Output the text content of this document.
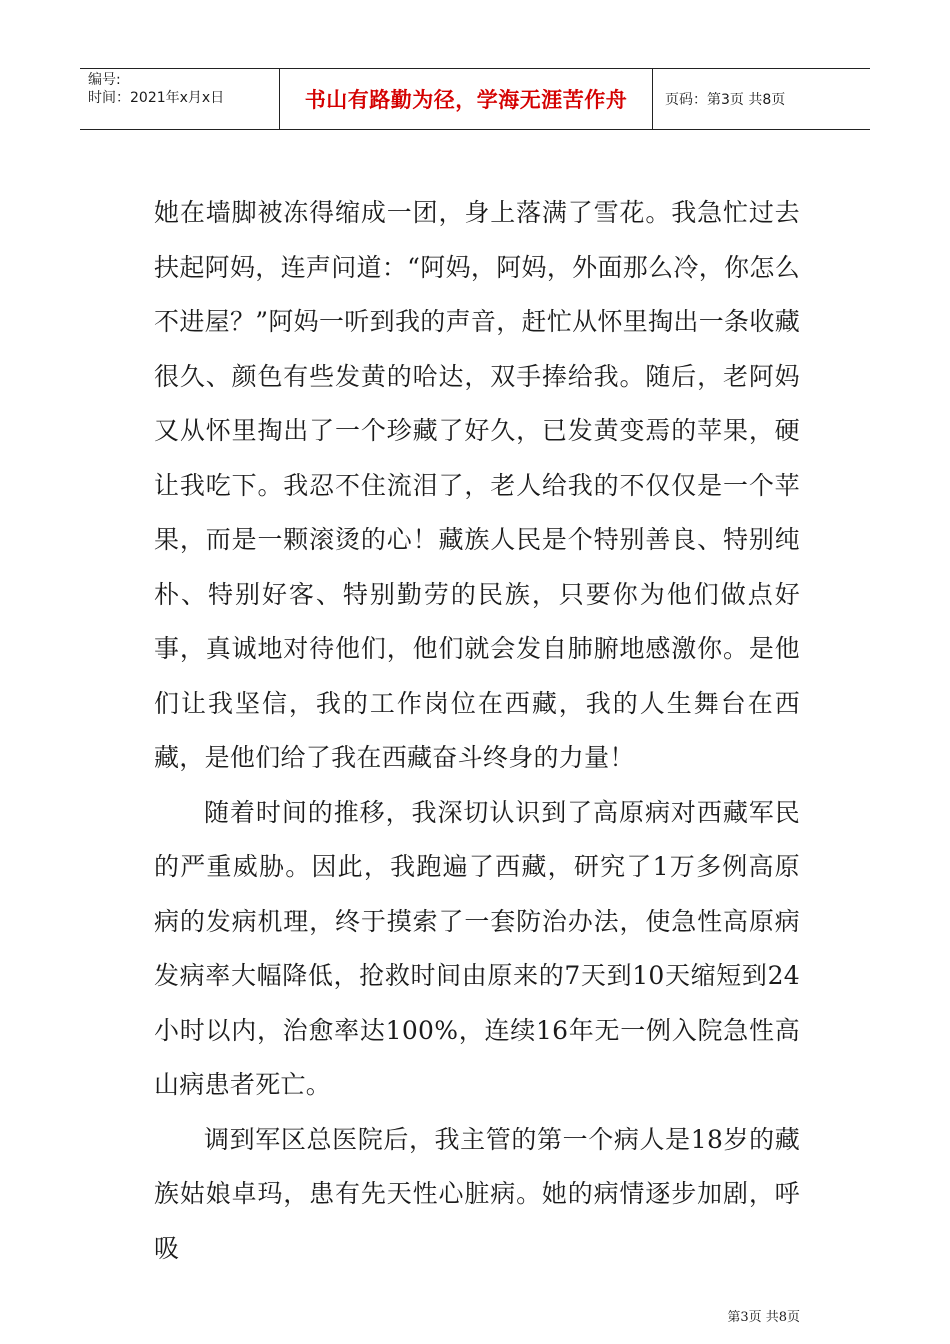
编号:
时间：2021年x月x日	书山有路勤为径，学海无涯苦作舟	页码：第3页 共8页

她在墙脚被冻得缩成一团，身上落满了雪花。我急忙过去扶起阿妈，连声问道：“阿妈，阿妈，外面那么冷，你怎么不进屋？”阿妈一听到我的声音，赶忙从怀里掏出一条收藏很久、颜色有些发黄的哈达，双手捧给我。随后，老阿妈又从怀里掏出了一个珍藏了好久，已发黄变焉的苹果，硬让我吃下。我忍不住流泪了，老人给我的不仅仅是一个苹果，而是一颗滚烫的心！藏族人民是个特别善良、特别纯朴、特别好客、特别勤劳的民族，只要你为他们做点好事，真诚地对待他们，他们就会发自肺腑地感激你。是他们让我坚信，我的工作岗位在西藏，我的人生舞台在西藏，是他们给了我在西藏奋斗终身的力量！

随着时间的推移，我深切认识到了高原病对西藏军民的严重威胁。因此，我跑遍了西藏，研究了1万多例高原病的发病机理，终于摸索了一套防治办法，使急性高原病发病率大幅降低，抢救时间由原来的7天到10天缩短到24小时以内，治愈率达100%，连续16年无一例入院急性高山病患者死亡。

调到军区总医院后，我主管的第一个病人是18岁的藏族姑娘卓玛，患有先天性心脏病。她的病情逐步加剧，呼吸

第3页 共8页
